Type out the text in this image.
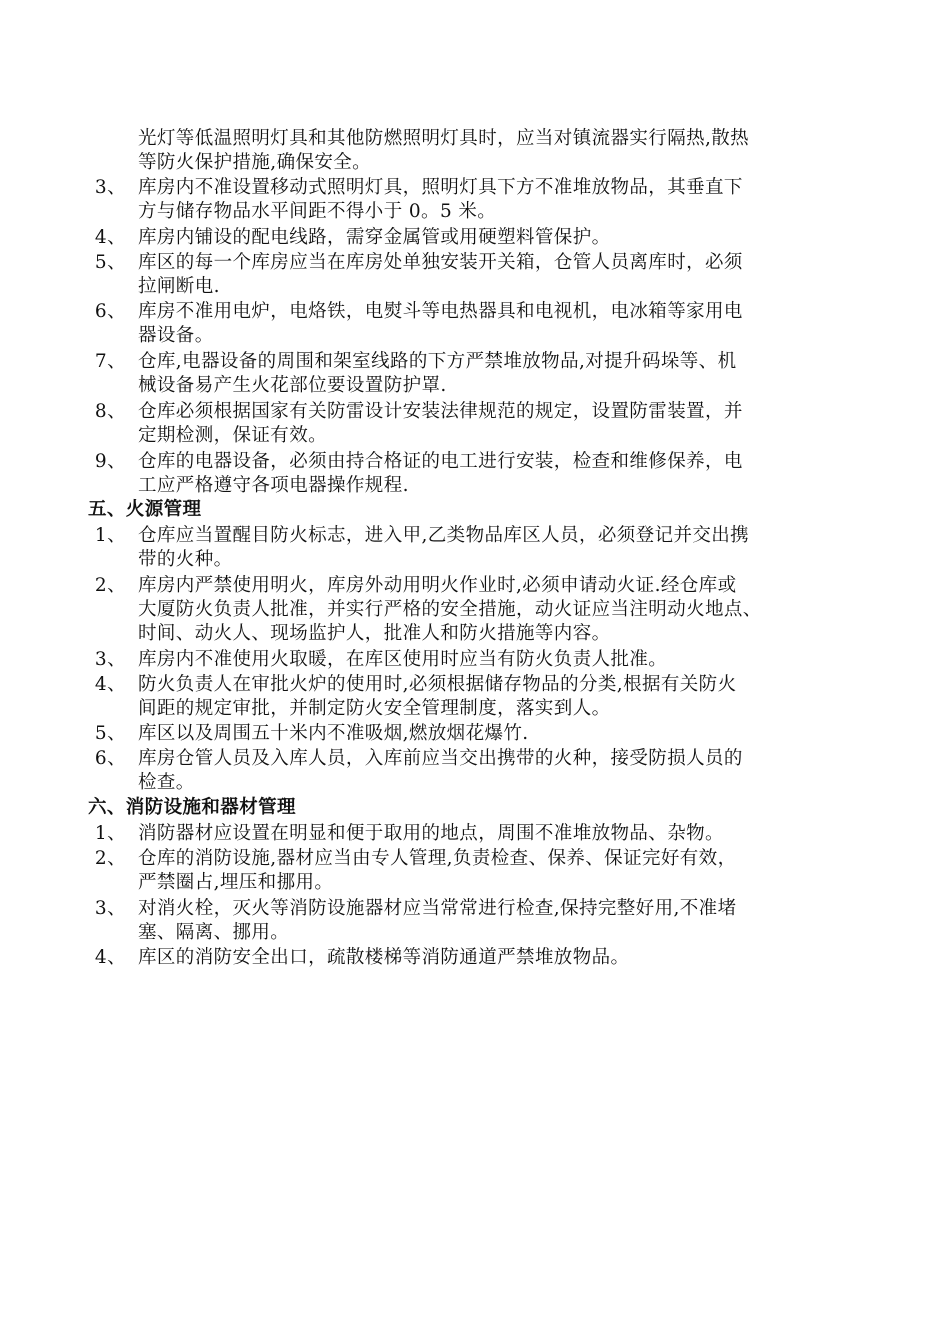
光灯等低温照明灯具和其他防燃照明灯具时，应当对镇流器实行隔热,散热
等防火保护措施,确保安全。
3、 库房内不准设置移动式照明灯具，照明灯具下方不准堆放物品，其垂直下
方与储存物品水平间距不得小于 0。5 米。
4、 库房内铺设的配电线路，需穿金属管或用硬塑料管保护。
5、 库区的每一个库房应当在库房处单独安装开关箱，仓管人员离库时，必须
拉闸断电.
6、 库房不准用电炉，电烙铁，电熨斗等电热器具和电视机，电冰箱等家用电
器设备。
7、 仓库,电器设备的周围和架室线路的下方严禁堆放物品,对提升码垛等、机
械设备易产生火花部位要设置防护罩.
8、 仓库必须根据国家有关防雷设计安装法律规范的规定，设置防雷装置，并
定期检测，保证有效。
9、 仓库的电器设备，必须由持合格证的电工进行安装，检查和维修保养，电
工应严格遵守各项电器操作规程.
五、火源管理
1、 仓库应当置醒目防火标志，进入甲,乙类物品库区人员，必须登记并交出携
带的火种。
2、 库房内严禁使用明火，库房外动用明火作业时,必须申请动火证.经仓库或
大厦防火负责人批准，并实行严格的安全措施，动火证应当注明动火地点、
时间、动火人、现场监护人，批准人和防火措施等内容。
3、 库房内不准使用火取暖，在库区使用时应当有防火负责人批准。
4、 防火负责人在审批火炉的使用时,必须根据储存物品的分类,根据有关防火
间距的规定审批，并制定防火安全管理制度，落实到人。
5、 库区以及周围五十米内不准吸烟,燃放烟花爆竹.
6、 库房仓管人员及入库人员，入库前应当交出携带的火种，接受防损人员的
检查。
六、消防设施和器材管理
1、 消防器材应设置在明显和便于取用的地点，周围不准堆放物品、杂物。
2、 仓库的消防设施,器材应当由专人管理,负责检查、保养、保证完好有效，
严禁圈占,埋压和挪用。
3、 对消火栓，灭火等消防设施器材应当常常进行检查,保持完整好用,不准堵
塞、隔离、挪用。
4、 库区的消防安全出口，疏散楼梯等消防通道严禁堆放物品。
